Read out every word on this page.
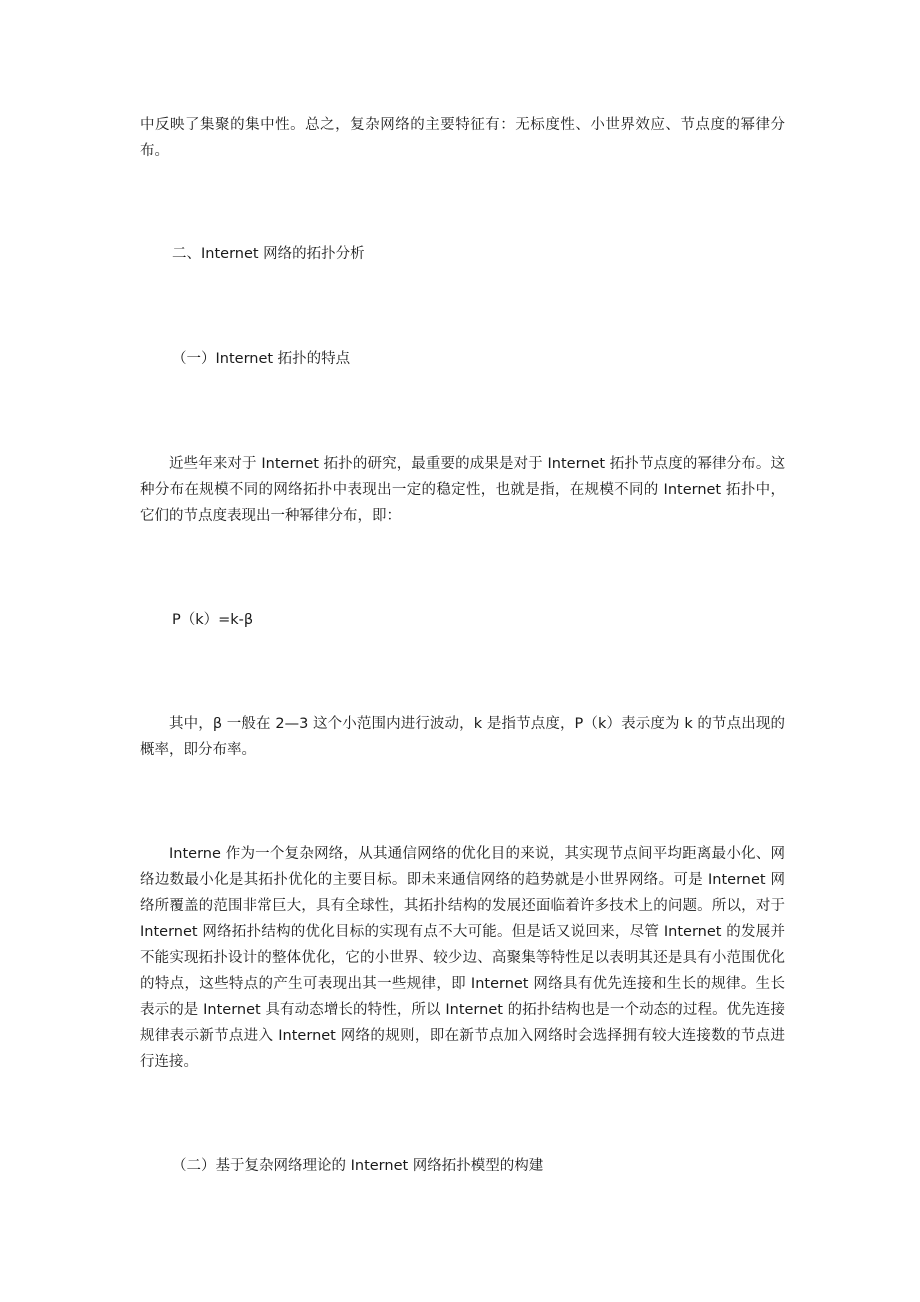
中反映了集聚的集中性。总之，复杂网络的主要特征有：无标度性、小世界效应、节点度的幂律分布。

二、Internet 网络的拓扑分析

（一）Internet 拓扑的特点

近些年来对于 Internet 拓扑的研究，最重要的成果是对于 Internet 拓扑节点度的幂律分布。这种分布在规模不同的网络拓扑中表现出一定的稳定性，也就是指，在规模不同的 Internet 拓扑中，它们的节点度表现出一种幂律分布，即：

P（k）=k-β

其中，β 一般在 2—3 这个小范围内进行波动，k 是指节点度，P（k）表示度为 k 的节点出现的概率，即分布率。

Interne 作为一个复杂网络，从其通信网络的优化目的来说，其实现节点间平均距离最小化、网络边数最小化是其拓扑优化的主要目标。即未来通信网络的趋势就是小世界网络。可是 Internet 网络所覆盖的范围非常巨大，具有全球性，其拓扑结构的发展还面临着许多技术上的问题。所以，对于 Internet 网络拓扑结构的优化目标的实现有点不大可能。但是话又说回来，尽管 Internet 的发展并不能实现拓扑设计的整体优化，它的小世界、较少边、高聚集等特性足以表明其还是具有小范围优化的特点，这些特点的产生可表现出其一些规律，即 Internet 网络具有优先连接和生长的规律。生长表示的是 Internet 具有动态增长的特性，所以 Internet 的拓扑结构也是一个动态的过程。优先连接规律表示新节点进入 Internet 网络的规则，即在新节点加入网络时会选择拥有较大连接数的节点进行连接。

（二）基于复杂网络理论的 Internet 网络拓扑模型的构建
